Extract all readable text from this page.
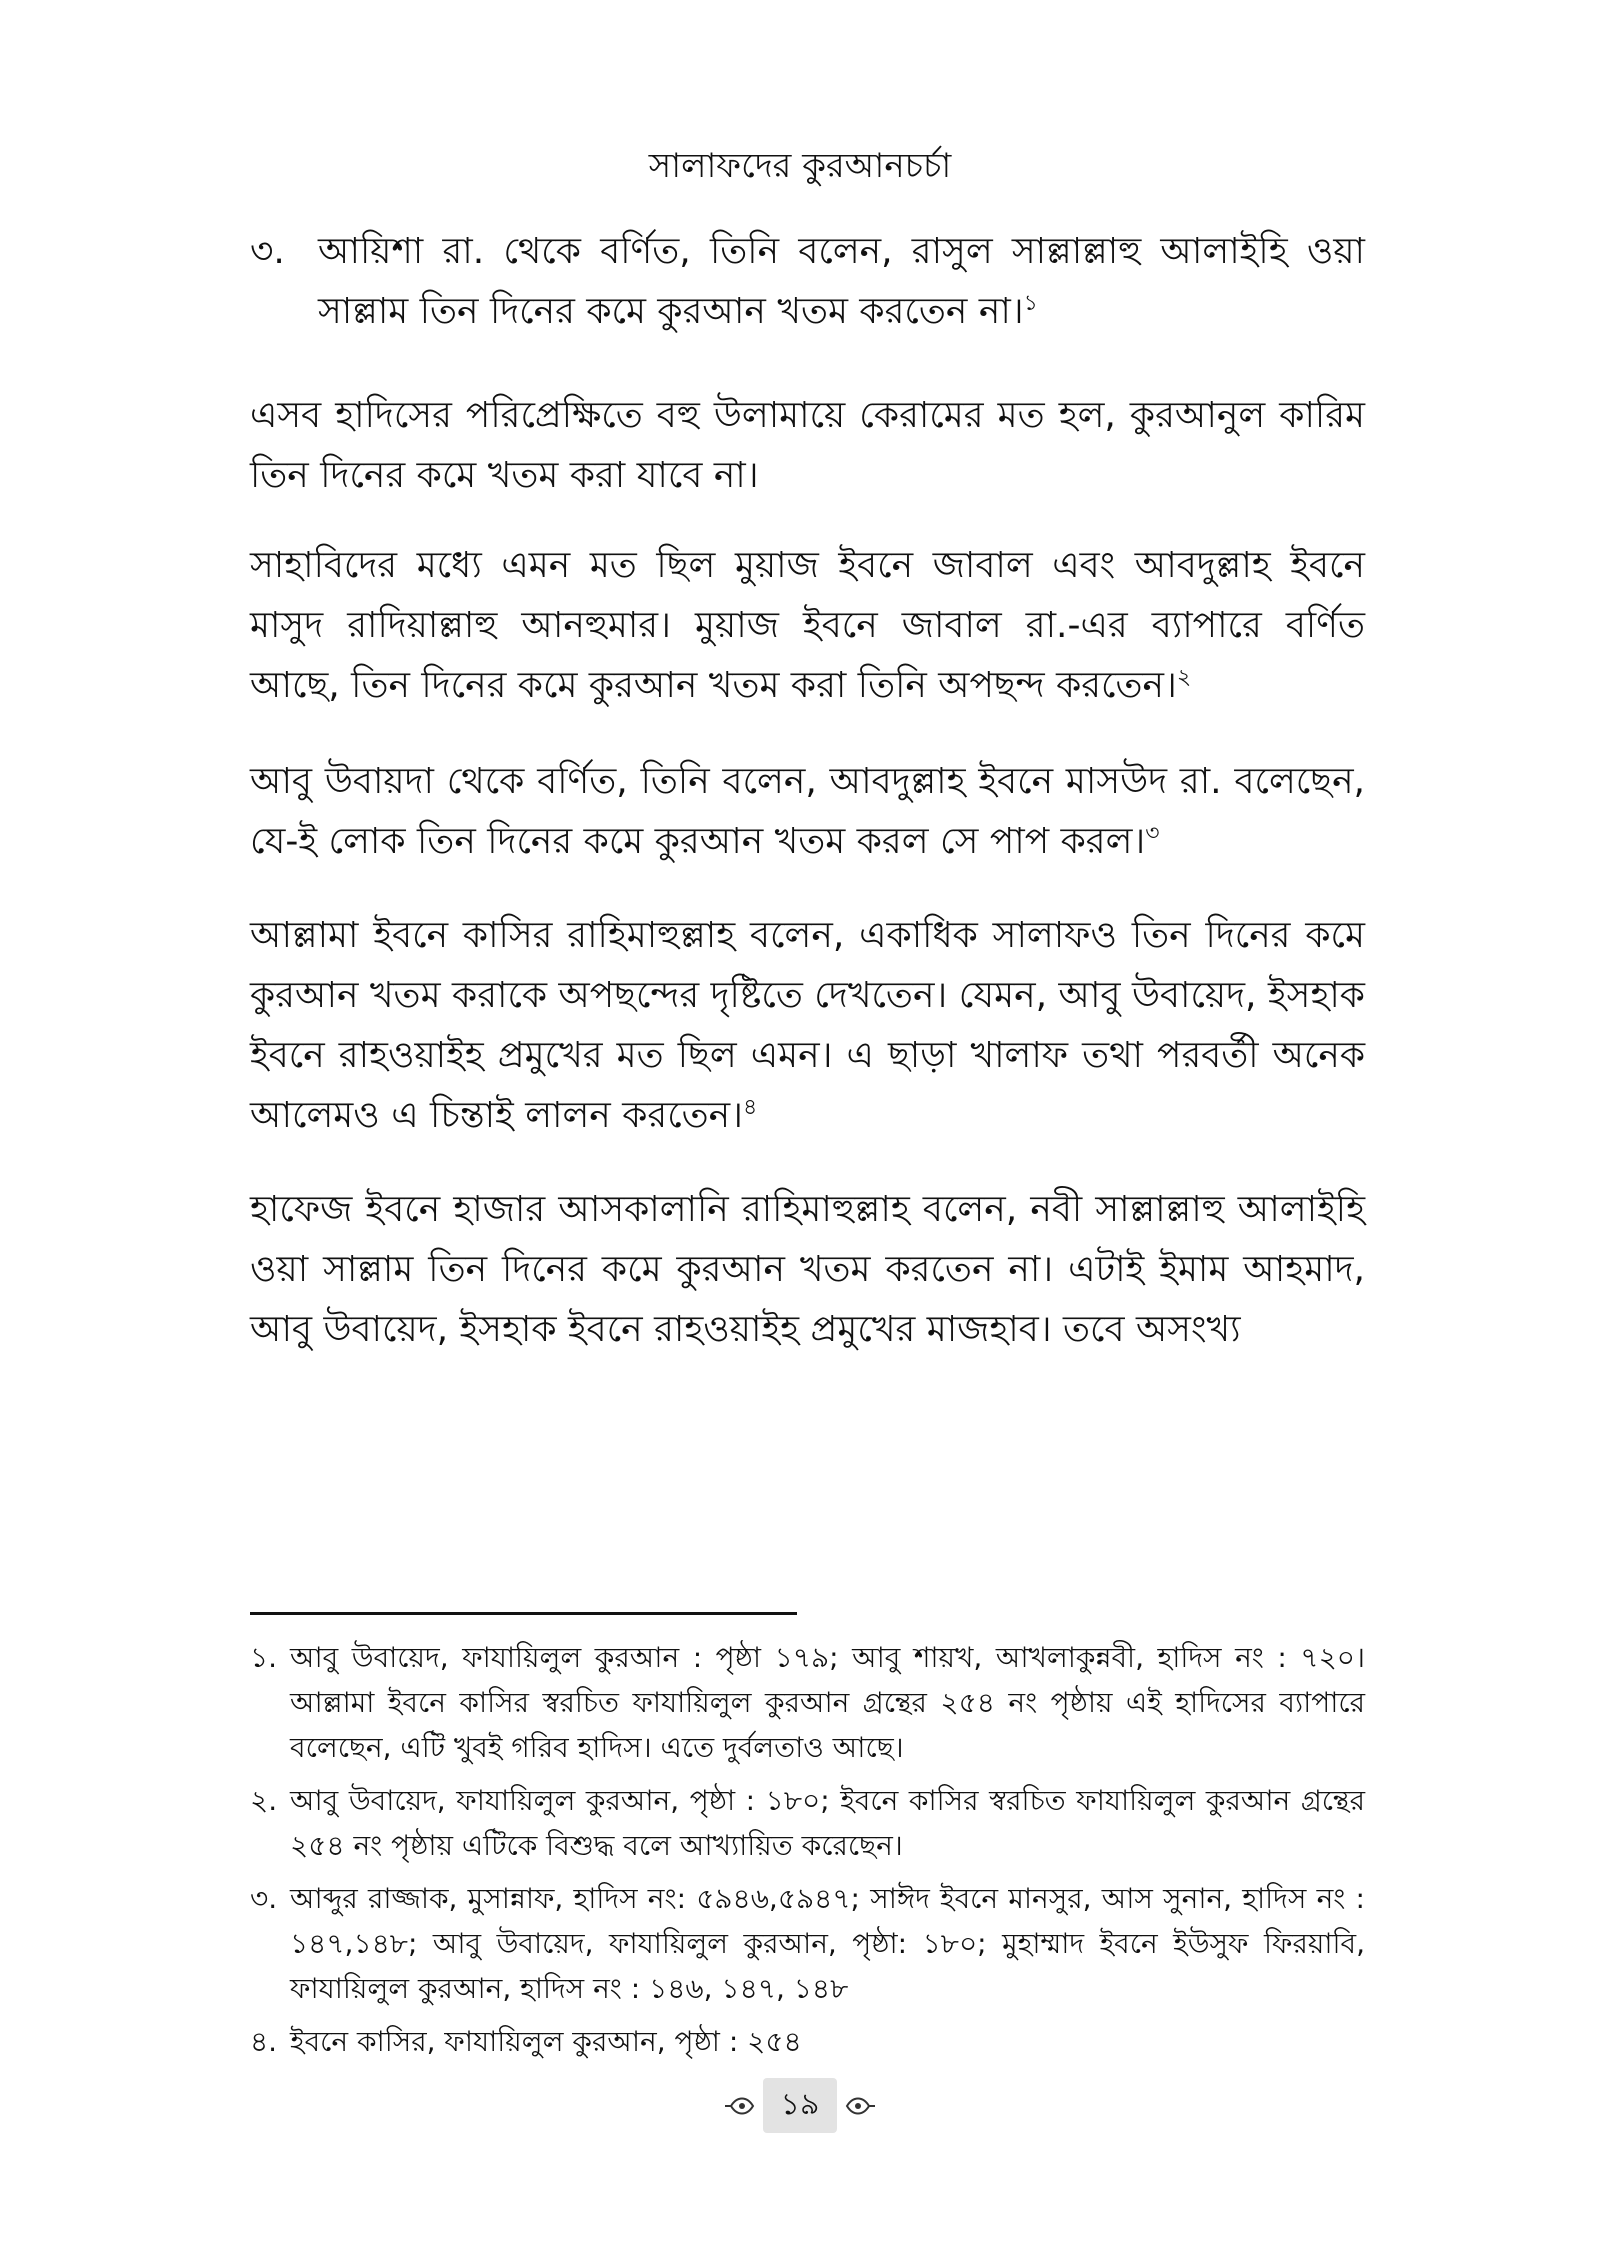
সালাফদের কুরআনচর্চা
৩. আয়িশা রা. থেকে বর্ণিত, তিনি বলেন, রাসুল সাল্লাল্লাহু আলাইহি ওয়া সাল্লাম তিন দিনের কমে কুরআন খতম করতেন না।$^১$

এসব হাদিসের পরিপ্রেক্ষিতে বহু উলামায়ে কেরামের মত হল, কুরআনুল কারিম তিন দিনের কমে খতম করা যাবে না।

সাহাবিদের মধ্যে এমন মত ছিল মুয়াজ ইবনে জাবাল এবং আবদুল্লাহ ইবনে মাসুদ রাদিয়াল্লাহু আনহুমার। মুয়াজ ইবনে জাবাল রা.-এর ব্যাপারে বর্ণিত আছে, তিন দিনের কমে কুরআন খতম করা তিনি অপছন্দ করতেন।$^২$

আবু উবায়দা থেকে বর্ণিত, তিনি বলেন, আবদুল্লাহ ইবনে মাসউদ রা. বলেছেন, যে-ই লোক তিন দিনের কমে কুরআন খতম করল সে পাপ করল।$^৩$

আল্লামা ইবনে কাসির রাহিমাহুল্লাহ বলেন, একাধিক সালাফও তিন দিনের কমে কুরআন খতম করাকে অপছন্দের দৃষ্টিতে দেখতেন। যেমন, আবু উবায়েদ, ইসহাক ইবনে রাহওয়াইহ প্রমুখের মত ছিল এমন। এ ছাড়া খালাফ তথা পরবর্তী অনেক আলেমও এ চিন্তাই লালন করতেন।$^৪$

হাফেজ ইবনে হাজার আসকালানি রাহিমাহুল্লাহ বলেন, নবী সাল্লাল্লাহু আলাইহি ওয়া সাল্লাম তিন দিনের কমে কুরআন খতম করতেন না। এটাই ইমাম আহমাদ, আবু উবায়েদ, ইসহাক ইবনে রাহওয়াইহ প্রমুখের মাজহাব। তবে অসংখ্য

১. আবু উবায়েদ, ফাযায়িলুল কুরআন : পৃষ্ঠা ১৭৯; আবু শায়খ, আখলাকুন্নবী, হাদিস নং : ৭২০। আল্লামা ইবনে কাসির স্বরচিত ফাযায়িলুল কুরআন গ্রন্থের ২৫৪ নং পৃষ্ঠায় এই হাদিসের ব্যাপারে বলেছেন, এটি খুবই গরিব হাদিস। এতে দুর্বলতাও আছে।
২. আবু উবায়েদ, ফাযায়িলুল কুরআন, পৃষ্ঠা : ১৮০; ইবনে কাসির স্বরচিত ফাযায়িলুল কুরআন গ্রন্থের ২৫৪ নং পৃষ্ঠায় এটিকে বিশুদ্ধ বলে আখ্যায়িত করেছেন।
৩. আব্দুর রাজ্জাক, মুসান্নাফ, হাদিস নং: ৫৯৪৬,৫৯৪৭; সাঈদ ইবনে মানসুর, আস সুনান, হাদিস নং : ১৪৭,১৪৮; আবু উবায়েদ, ফাযায়িলুল কুরআন, পৃষ্ঠা: ১৮০; মুহাম্মাদ ইবনে ইউসুফ ফিরয়াবি, ফাযায়িলুল কুরআন, হাদিস নং : ১৪৬, ১৪৭, ১৪৮
৪. ইবনে কাসির, ফাযায়িলুল কুরআন, পৃষ্ঠা : ২৫৪
১৯
